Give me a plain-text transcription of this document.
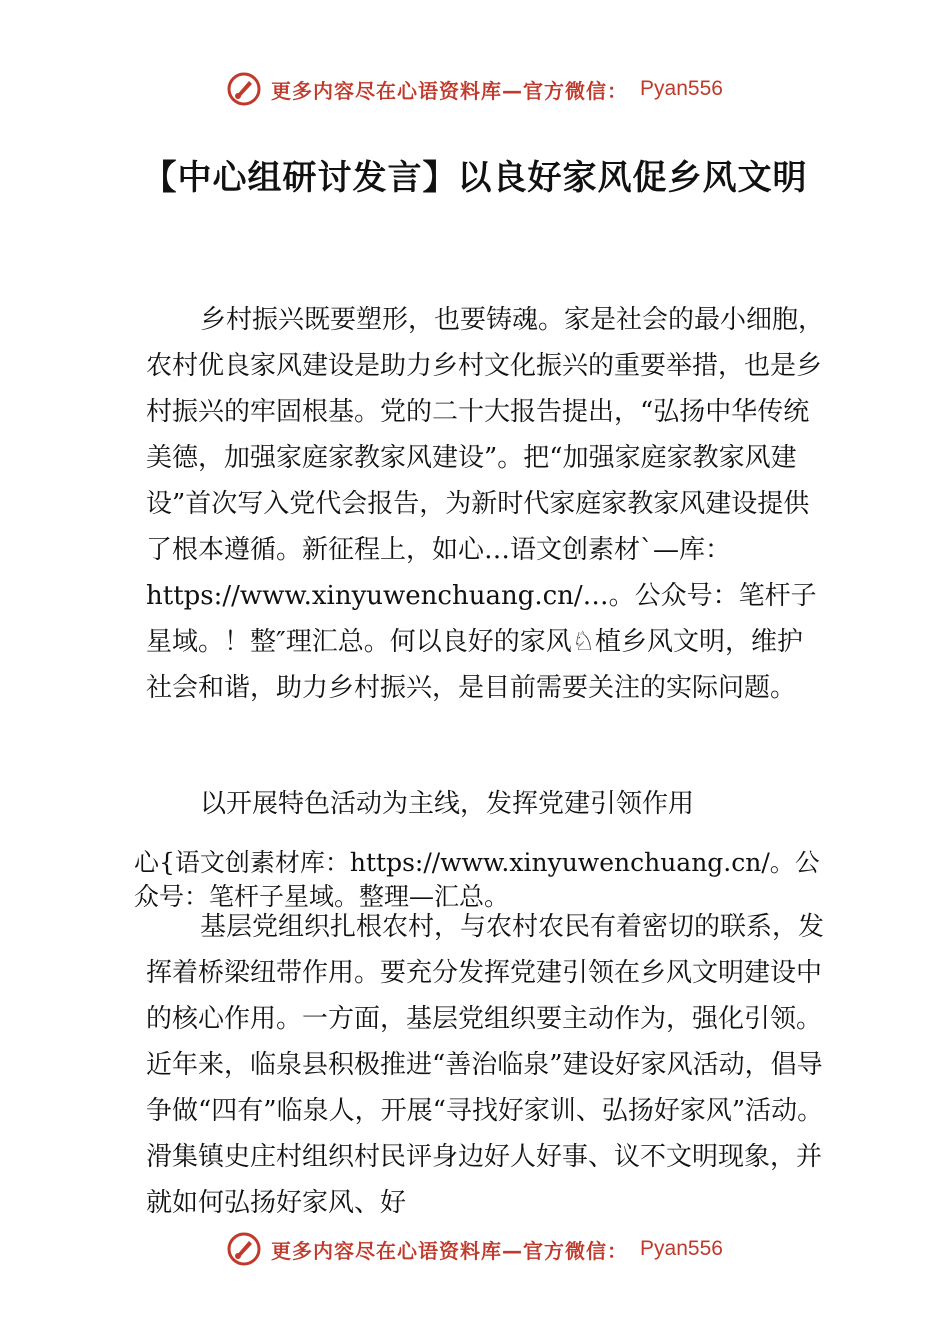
更多内容尽在心语资料库—官方微信： Pyan556
【中心组研讨发言】以良好家风促乡风文明

乡村振兴既要塑形，也要铸魂。家是社会的最小细胞，农村优良家风建设是助力乡村文化振兴的重要举措，也是乡村振兴的牢固根基。党的二十大报告提出，“弘扬中华传统美德，加强家庭家教家风建设”。把“加强家庭家教家风建设”首次写入党代会报告，为新时代家庭家教家风建设提供了根本遵循。新征程上，如心…语文创素材`—库：https://www.xinyuwenchuang.cn/…。公众号：笔杆子星域。！整″理汇总。何以良好的家风♘植乡风文明，维护社会和谐，助力乡村振兴，是目前需要关注的实际问题。

以开展特色活动为主线，发挥党建引领作用

心{语文创素材库：https://www.xinyuwenchuang.cn/。公众号：笔杆子星域。整理—汇总。

基层党组织扎根农村，与农村农民有着密切的联系，发挥着桥梁纽带作用。要充分发挥党建引领在乡风文明建设中的核心作用。一方面，基层党组织要主动作为，强化引领。近年来，临泉县积极推进“善治临泉”建设好家风活动，倡导争做“四有”临泉人，开展“寻找好家训、弘扬好家风”活动。滑集镇史庄村组织村民评身边好人好事、议不文明现象，并就如何弘扬好家风、好

更多内容尽在心语资料库—官方微信： Pyan556
